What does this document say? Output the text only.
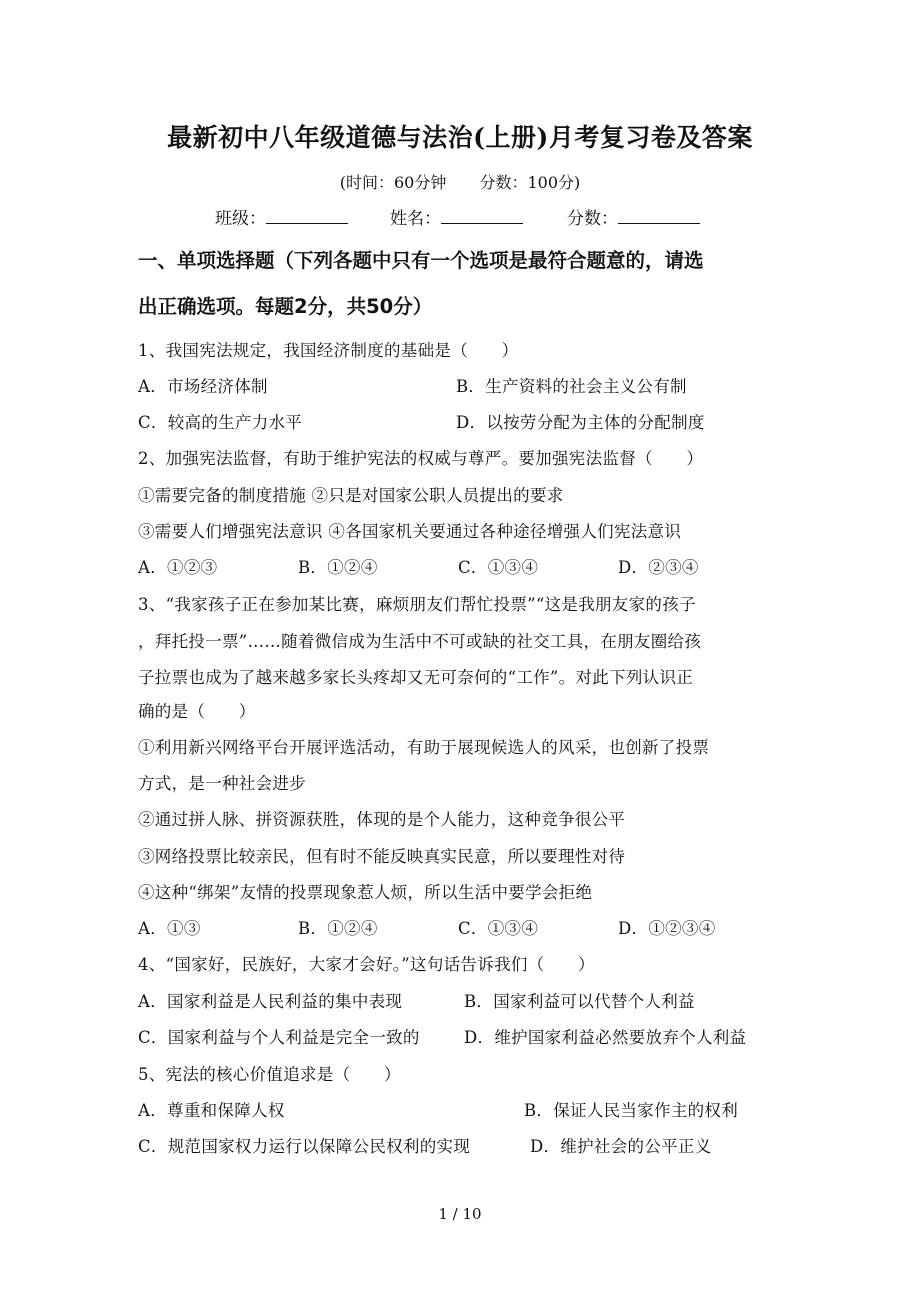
最新初中八年级道德与法治(上册)月考复习卷及答案
(时间：60分钟 分数：100分)
班级：	姓名：	分数：
一、单项选择题（下列各题中只有一个选项是最符合题意的，请选
出正确选项。每题2分，共50分）
1、我国宪法规定，我国经济制度的基础是（　　）
A．市场经济体制	B．生产资料的社会主义公有制
C．较高的生产力水平	D．以按劳分配为主体的分配制度
2、加强宪法监督，有助于维护宪法的权威与尊严。要加强宪法监督（　　）
①需要完备的制度措施 ②只是对国家公职人员提出的要求
③需要人们增强宪法意识 ④各国家机关要通过各种途径增强人们宪法意识
A．①②③	B．①②④	C．①③④	D．②③④
3、“我家孩子正在参加某比赛，麻烦朋友们帮忙投票”“这是我朋友家的孩子
，拜托投一票”……随着微信成为生活中不可或缺的社交工具，在朋友圈给孩
子拉票也成为了越来越多家长头疼却又无可奈何的“工作”。对此下列认识正
确的是（　　）
①利用新兴网络平台开展评选活动，有助于展现候选人的风采，也创新了投票
方式，是一种社会进步
②通过拼人脉、拼资源获胜，体现的是个人能力，这种竞争很公平
③网络投票比较亲民，但有时不能反映真实民意，所以要理性对待
④这种“绑架”友情的投票现象惹人烦，所以生活中要学会拒绝
A．①③	B．①②④	C．①③④	D．①②③④
4、“国家好，民族好，大家才会好。”这句话告诉我们（　　）
A．国家利益是人民利益的集中表现	B．国家利益可以代替个人利益
C．国家利益与个人利益是完全一致的	D．维护国家利益必然要放弃个人利益
5、宪法的核心价值追求是（　　）
A．尊重和保障人权	B．保证人民当家作主的权利
C．规范国家权力运行以保障公民权利的实现	D．维护社会的公平正义
1 / 10
